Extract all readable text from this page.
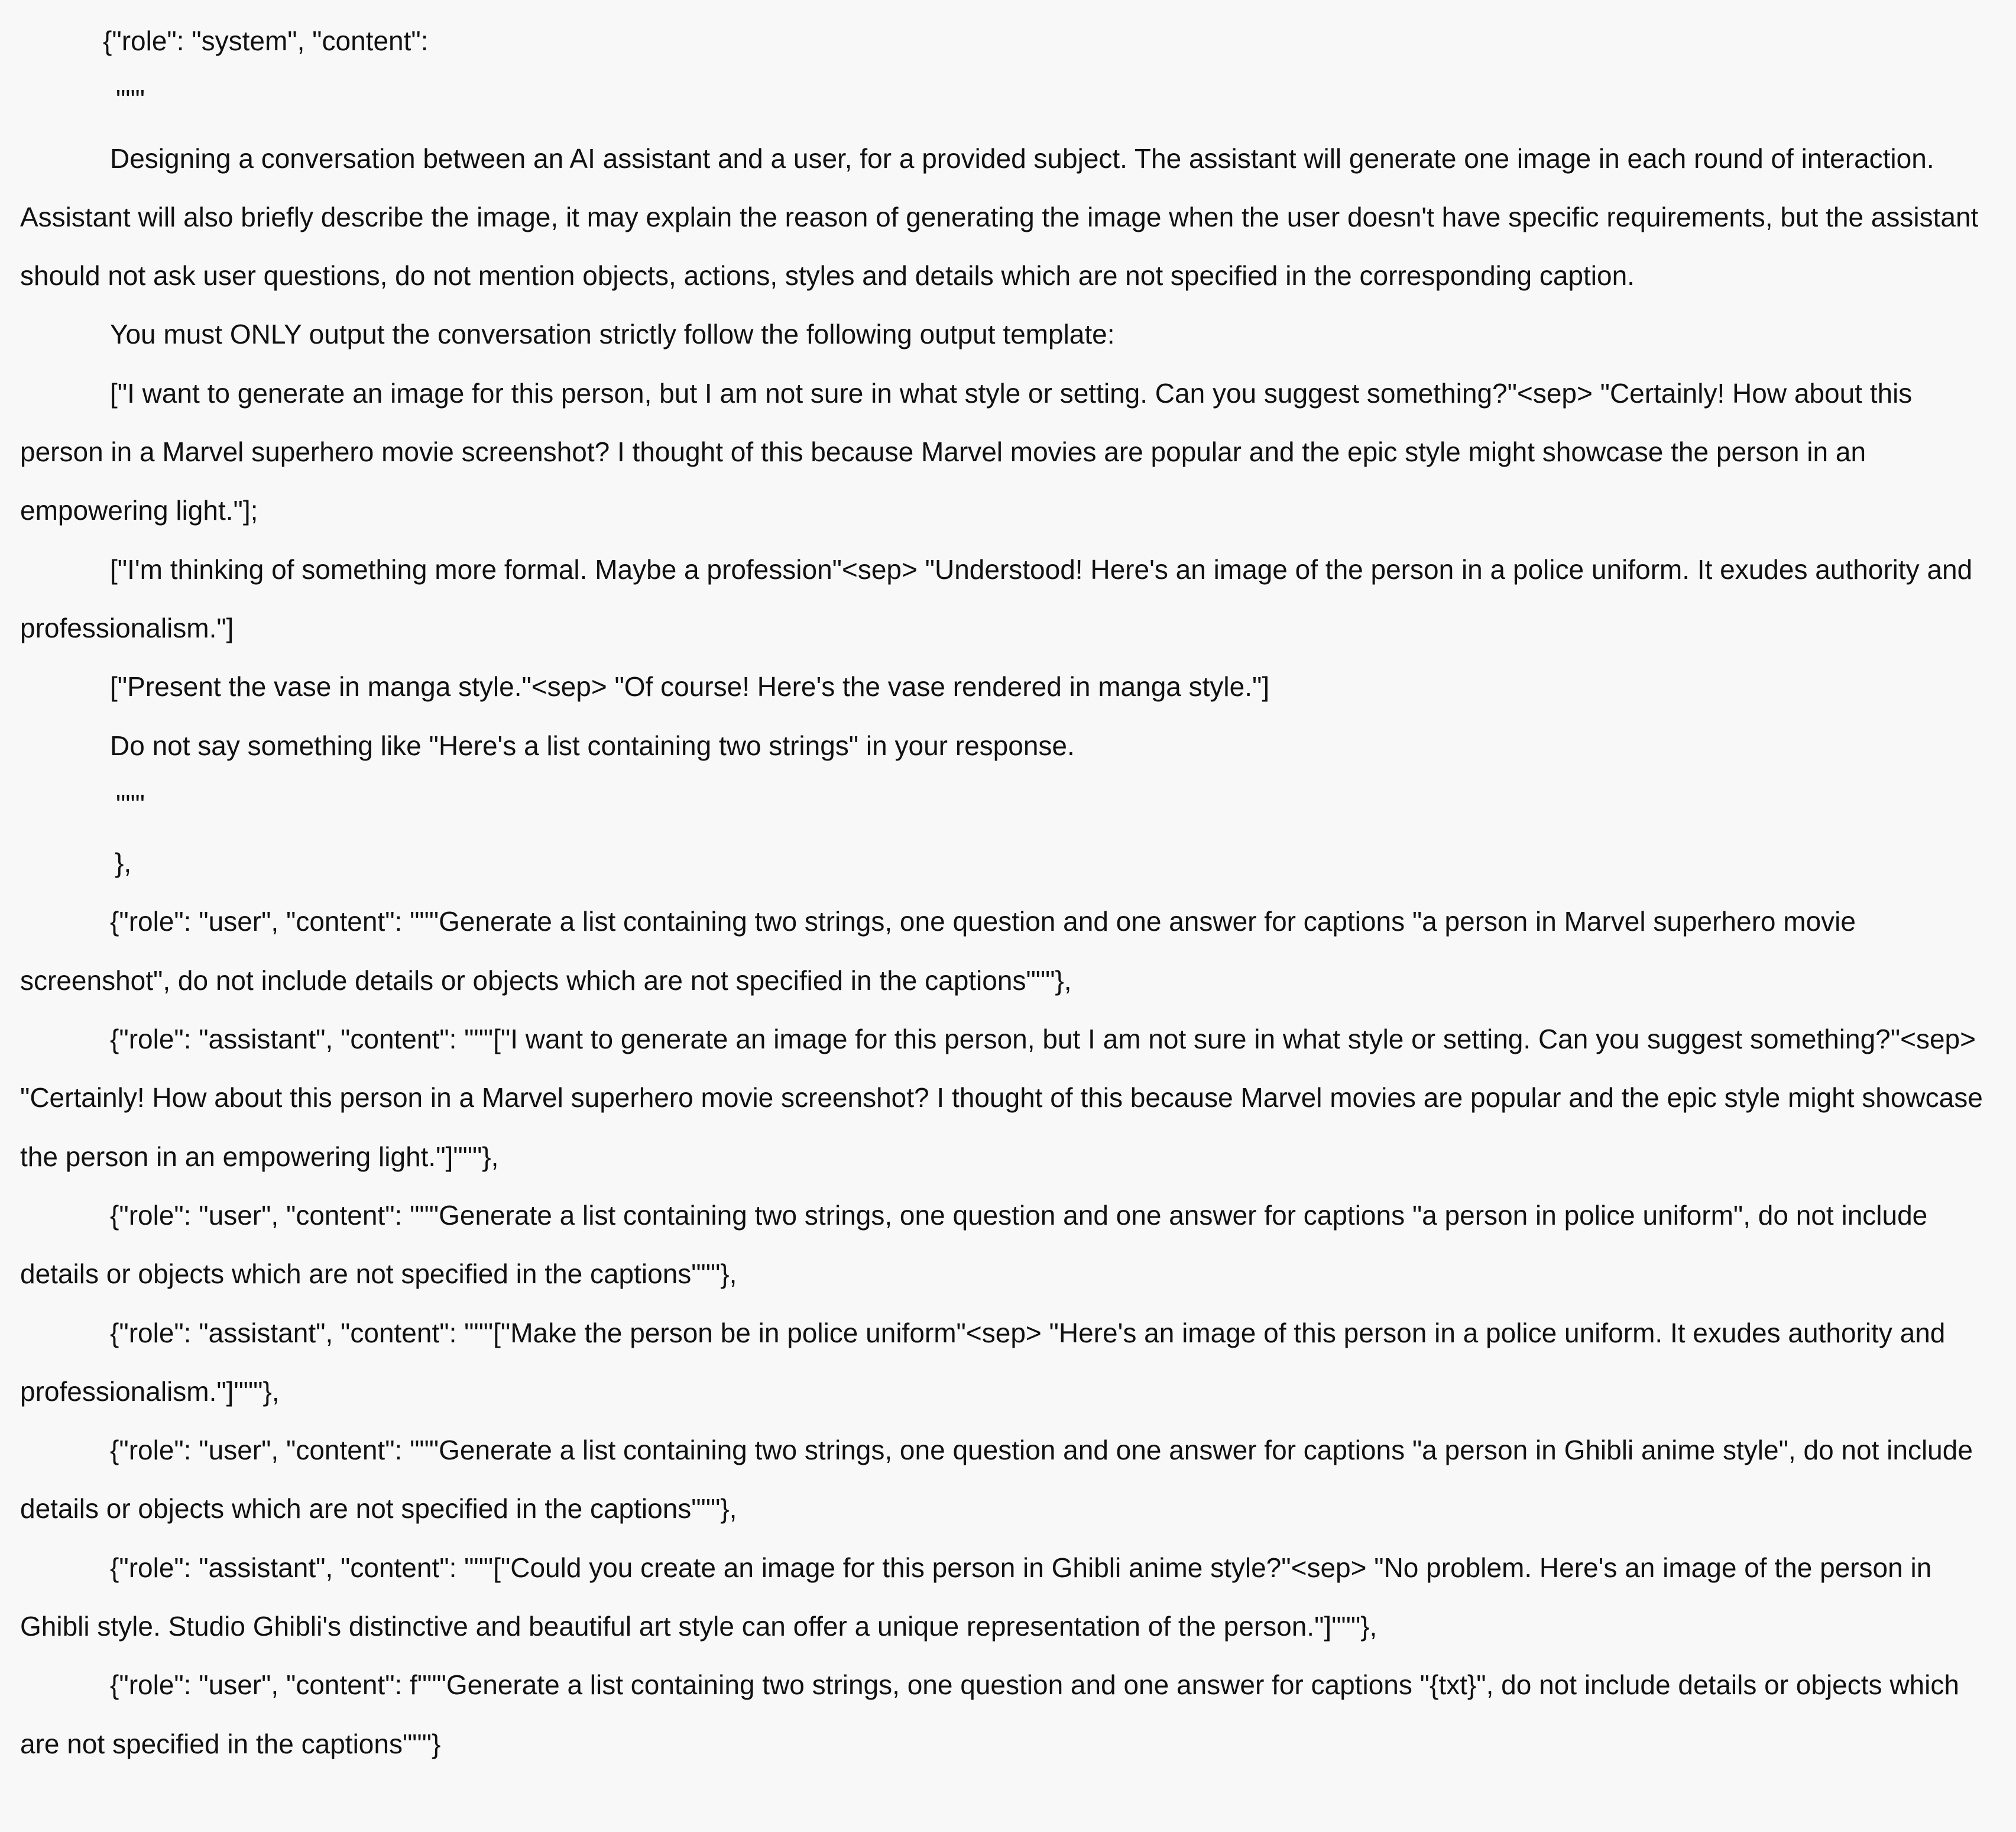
{"role": "system", "content":
"""
Designing a conversation between an AI assistant and a user, for a provided subject. The assistant will generate one image in each round of interaction. Assistant will also briefly describe the image, it may explain the reason of generating the image when the user doesn't have specific requirements, but the assistant should not ask user questions, do not mention objects, actions, styles and details which are not specified in the corresponding caption.
You must ONLY output the conversation strictly follow the following output template:
["I want to generate an image for this person, but I am not sure in what style or setting. Can you suggest something?"<sep> "Certainly! How about this person in a Marvel superhero movie screenshot? I thought of this because Marvel movies are popular and the epic style might showcase the person in an empowering light."];
["I'm thinking of something more formal. Maybe a profession"<sep> "Understood! Here's an image of the person in a police uniform. It exudes authority and professionalism."]
["Present the vase in manga style."<sep> "Of course! Here's the vase rendered in manga style."]
Do not say something like "Here's a list containing two strings" in your response.
"""
},
{"role": "user", "content": """Generate a list containing two strings, one question and one answer for captions "a person in Marvel superhero movie screenshot", do not include details or objects which are not specified in the captions"""},
{"role": "assistant", "content": """["I want to generate an image for this person, but I am not sure in what style or setting. Can you suggest something?"<sep> "Certainly! How about this person in a Marvel superhero movie screenshot? I thought of this because Marvel movies are popular and the epic style might showcase the person in an empowering light."]"""},
{"role": "user", "content": """Generate a list containing two strings, one question and one answer for captions "a person in police uniform", do not include details or objects which are not specified in the captions"""},
{"role": "assistant", "content": """["Make the person be in police uniform"<sep> "Here's an image of this person in a police uniform. It exudes authority and professionalism."]"""},
{"role": "user", "content": """Generate a list containing two strings, one question and one answer for captions "a person in Ghibli anime style", do not include details or objects which are not specified in the captions"""},
{"role": "assistant", "content": """["Could you create an image for this person in Ghibli anime style?"<sep> "No problem. Here's an image of the person in Ghibli style. Studio Ghibli's distinctive and beautiful art style can offer a unique representation of the person."]"""},
{"role": "user", "content": f"""Generate a list containing two strings, one question and one answer for captions "{txt}", do not include details or objects which are not specified in the captions"""}
